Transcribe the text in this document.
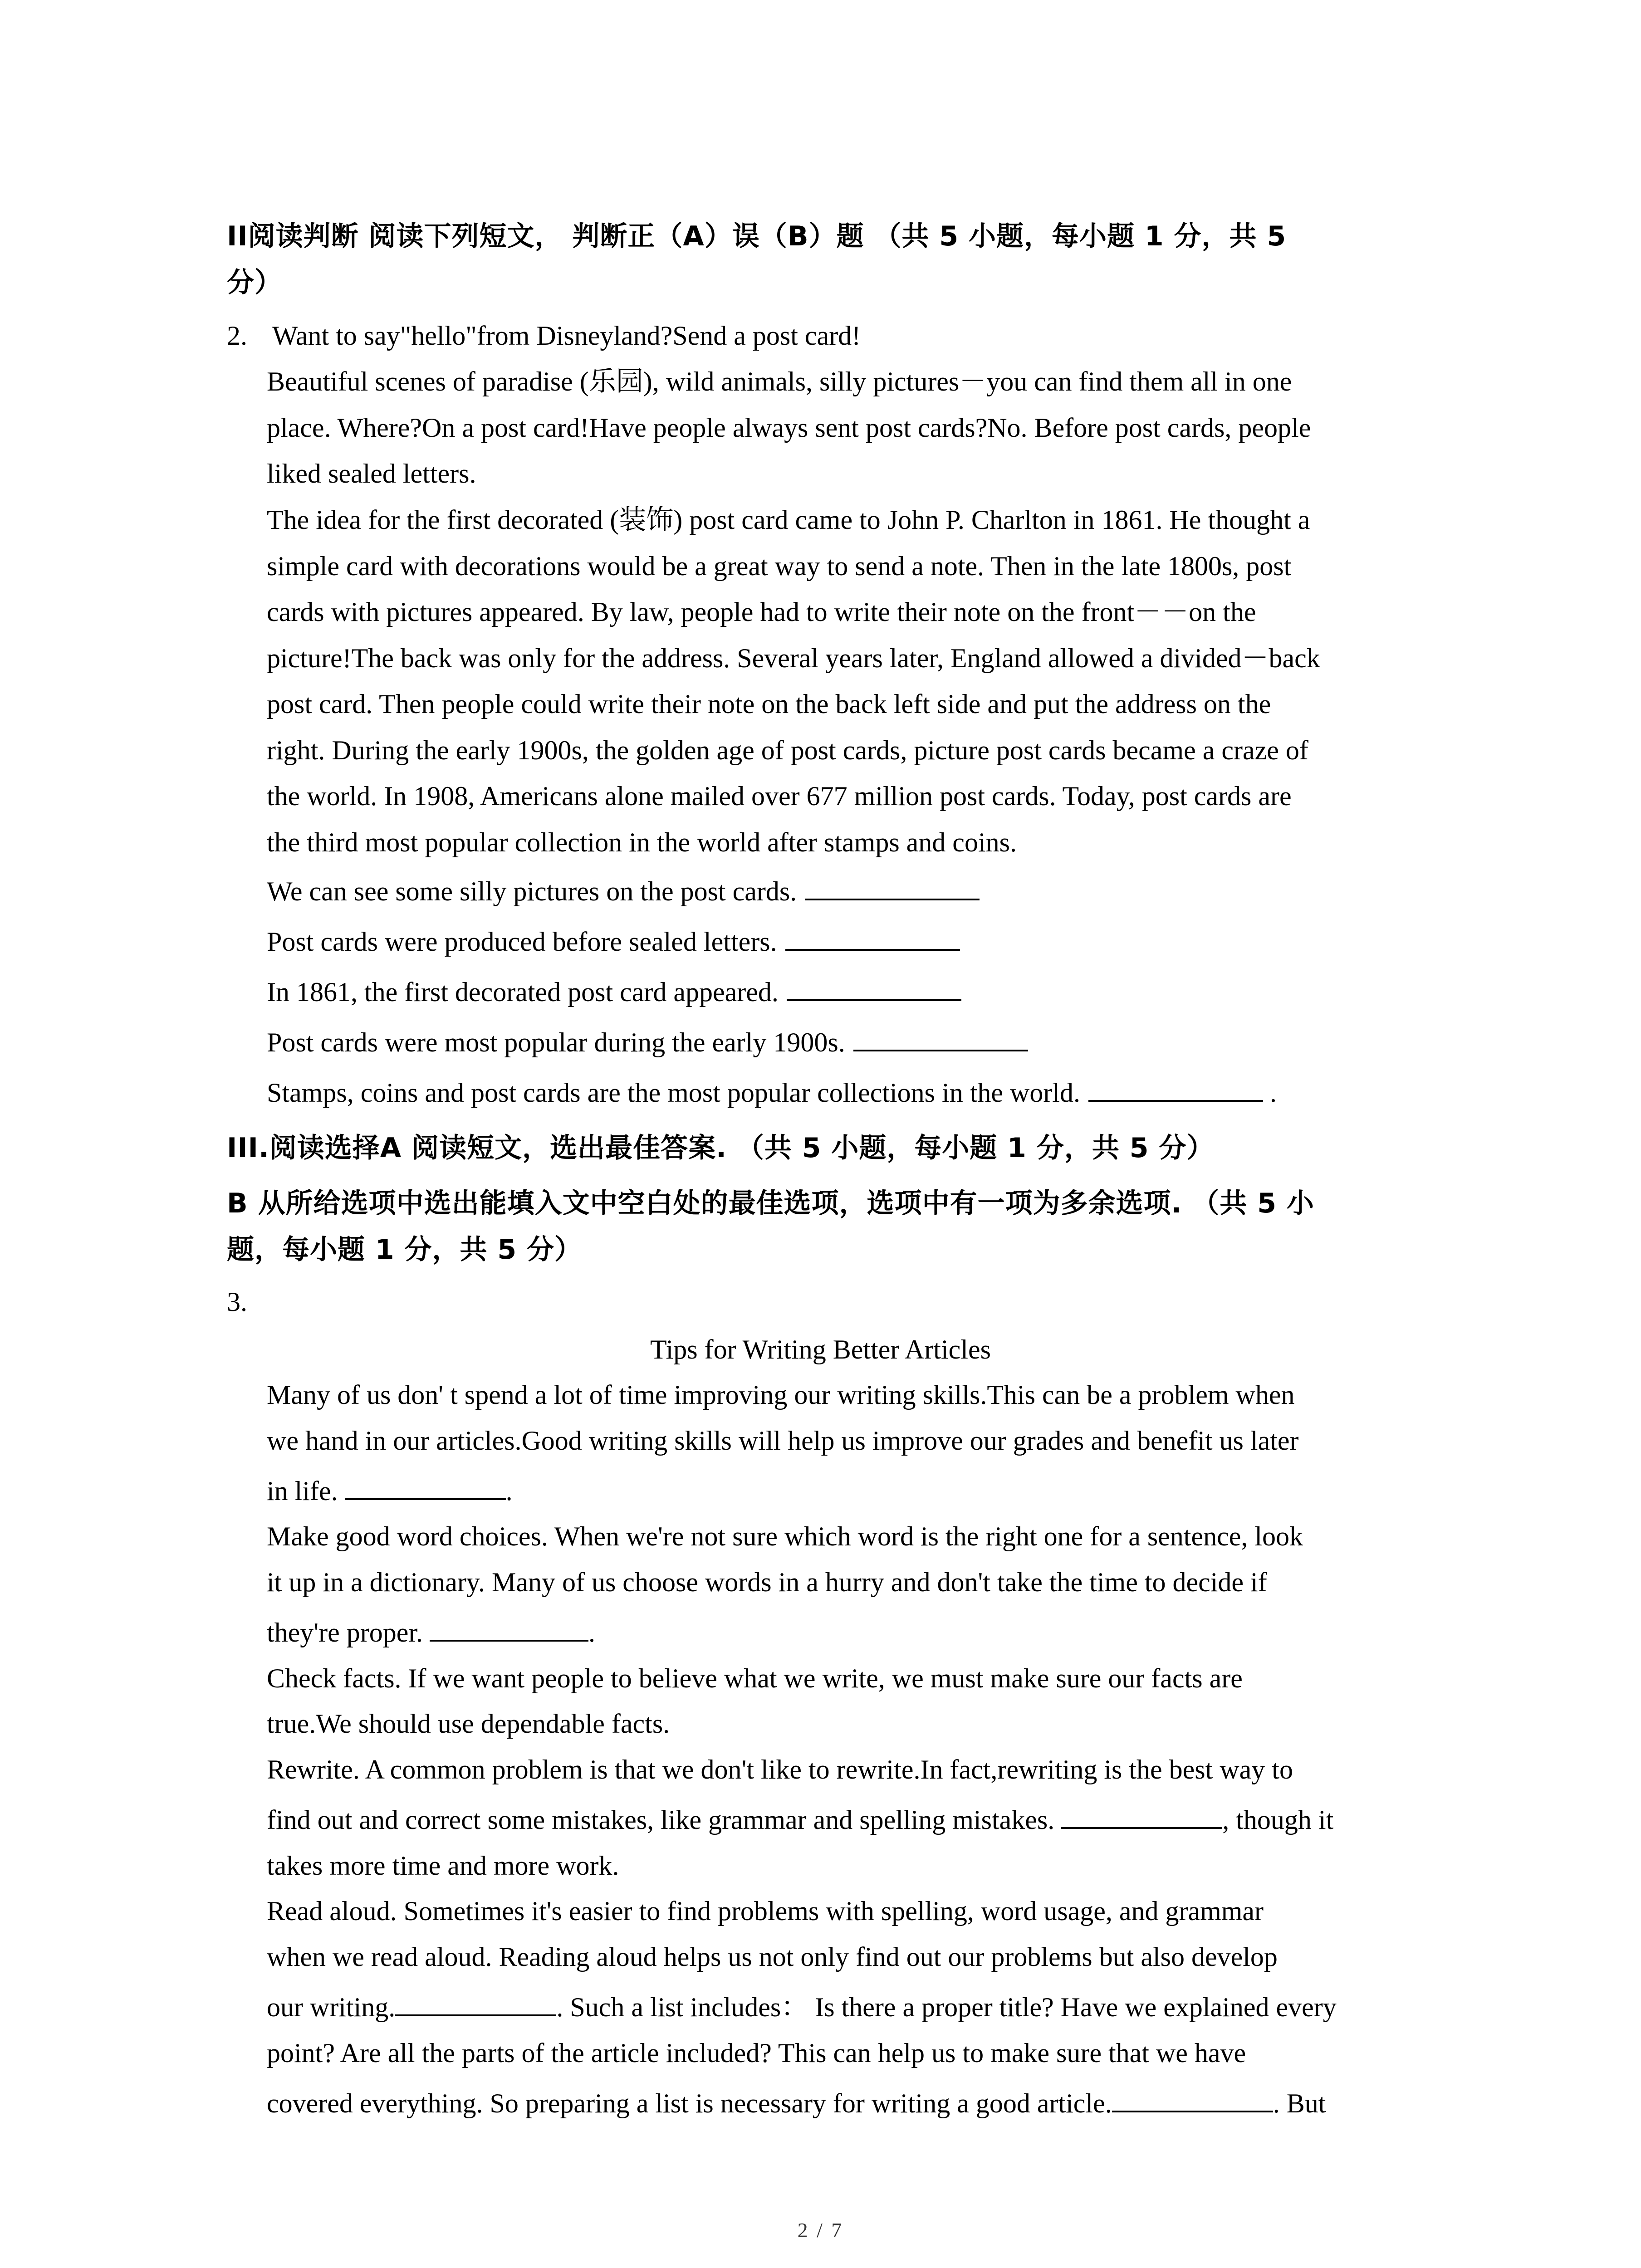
II阅读判断 阅读下列短文， 判断正（A）误（B）题 （共 5 小题，每小题 1 分，共 5
分）
2. Want to say"hello"from Disneyland?Send a post card!
Beautiful scenes of paradise (乐园), wild animals, silly pictures－you can find them all in one
place. Where?On a post card!Have people always sent post cards?No. Before post cards, people
liked sealed letters.
The idea for the first decorated (装饰) post card came to John P. Charlton in 1861. He thought a
simple card with decorations would be a great way to send a note. Then in the late 1800s, post
cards with pictures appeared. By law, people had to write their note on the front－－on the
picture!The back was only for the address. Several years later, England allowed a divided－back
post card. Then people could write their note on the back left side and put the address on the
right. During the early 1900s, the golden age of post cards, picture post cards became a craze of
the world. In 1908, Americans alone mailed over 677 million post cards. Today, post cards are
the third most popular collection in the world after stamps and coins.
We can see some silly pictures on the post cards.
Post cards were produced before sealed letters.
In 1861, the first decorated post card appeared.
Post cards were most popular during the early 1900s.
Stamps, coins and post cards are the most popular collections in the world.	.
III.阅读选择A 阅读短文，选出最佳答案. （共 5 小题，每小题 1 分，共 5 分）
B 从所给选项中选出能填入文中空白处的最佳选项，选项中有一项为多余选项. （共 5 小
题，每小题 1 分，共 5 分）
3.
Tips for Writing Better Articles
Many of us don' t spend a lot of time improving our writing skills.This can be a problem when
we hand in our articles.Good writing skills will help us improve our grades and benefit us later
in life.	.
Make good word choices. When we're not sure which word is the right one for a sentence, look
it up in a dictionary. Many of us choose words in a hurry and don't take the time to decide if
they're proper.	.
Check facts. If we want people to believe what we write, we must make sure our facts are
true.We should use dependable facts.
Rewrite. A common problem is that we don't like to rewrite.In fact,rewriting is the best way to
find out and correct some mistakes, like grammar and spelling mistakes.	, though it
takes more time and more work.
Read aloud. Sometimes it's easier to find problems with spelling, word usage, and grammar
when we read aloud. Reading aloud helps us not only find out our problems but also develop
our writing.	. Such a list includes： Is there a proper title? Have we explained every
point? Are all the parts of the article included? This can help us to make sure that we have
covered everything. So preparing a list is necessary for writing a good article.	. But
2 / 7
